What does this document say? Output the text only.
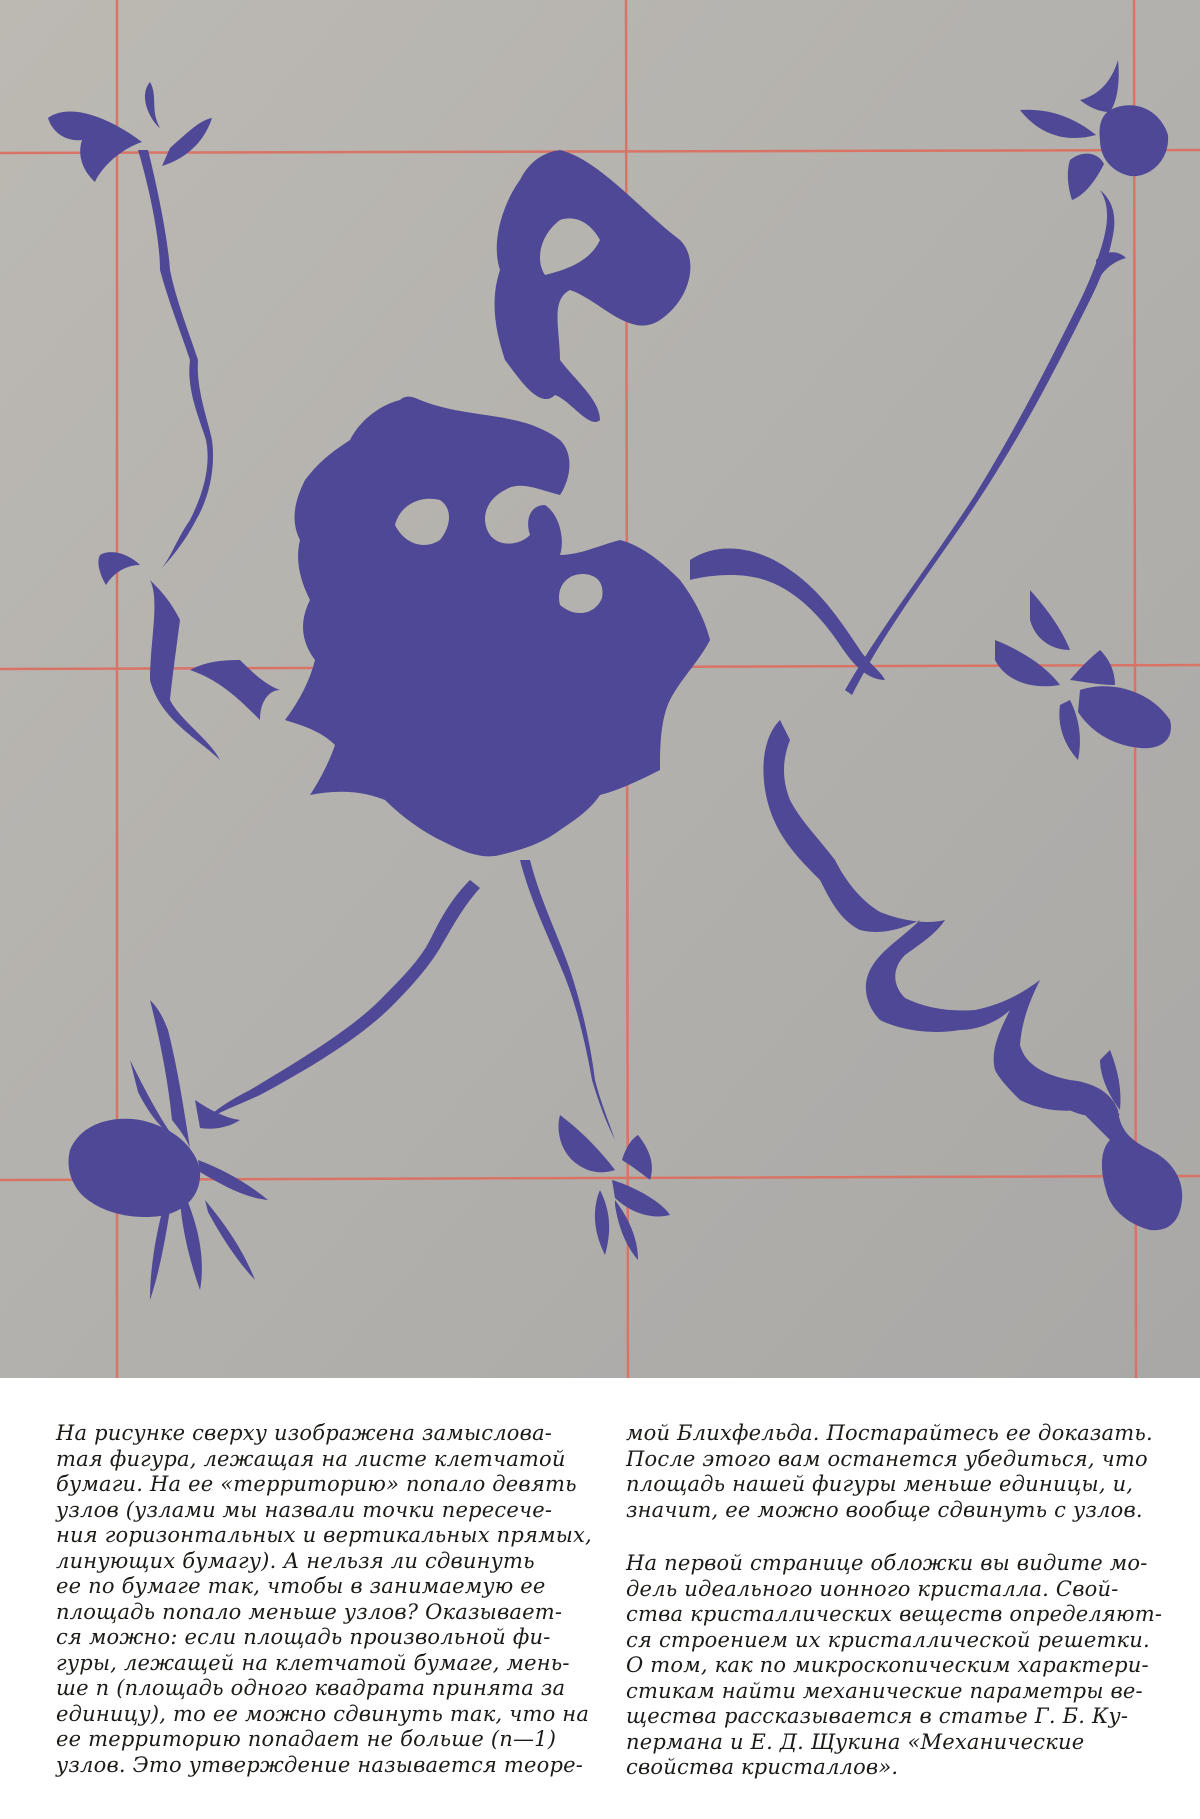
На рисунке сверху изображена замыслова-
тая фигура, лежащая на листе клетчатой
бумаги. На ее «территорию» попало девять
узлов (узлами мы назвали точки пересече-
ния горизонтальных и вертикальных прямых,
линующих бумагу). А нельзя ли сдвинуть
ее по бумаге так, чтобы в занимаемую ее
площадь попало меньше узлов? Оказывает-
ся можно: если площадь произвольной фи-
гуры, лежащей на клетчатой бумаге, мень-
ше n (площадь одного квадрата принята за
единицу), то ее можно сдвинуть так, что на
ее территорию попадает не больше (n—1)
узлов. Это утверждение называется теоре-
мой Блихфельда. Постарайтесь ее доказать.
После этого вам останется убедиться, что
площадь нашей фигуры меньше единицы, и,
значит, ее можно вообще сдвинуть с узлов.
На первой странице обложки вы видите мо-
дель идеального ионного кристалла. Свой-
ства кристаллических веществ определяют-
ся строением их кристаллической решетки.
О том, как по микроскопическим характери-
стикам найти механические параметры ве-
щества рассказывается в статье Г. Б. Ку-
пермана и Е. Д. Щукина «Механические
свойства кристаллов».
